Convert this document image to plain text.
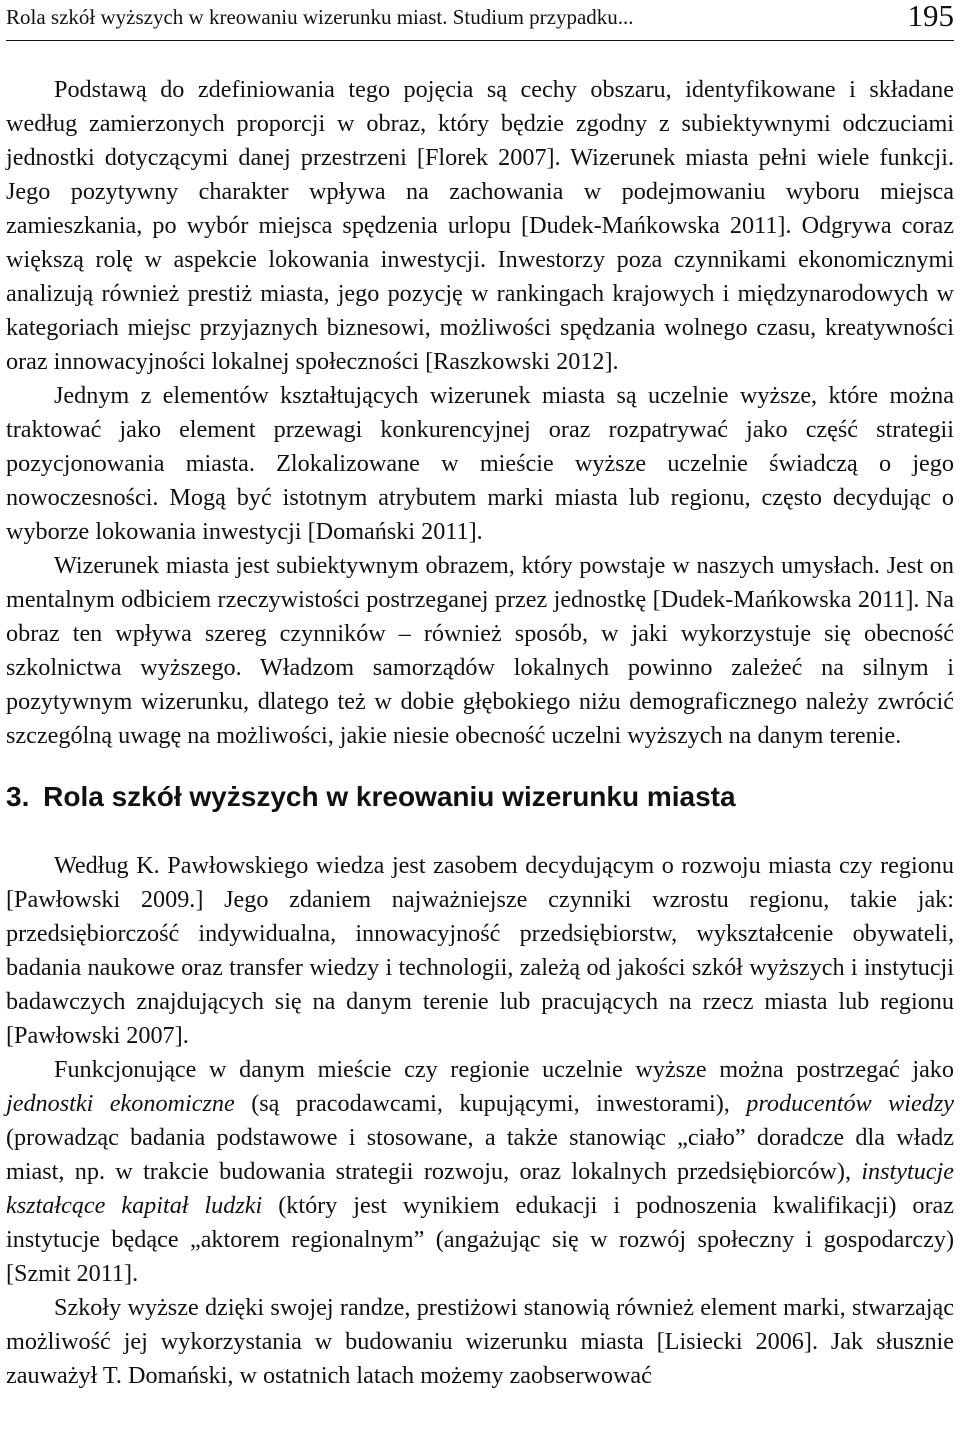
Rola szkół wyższych w kreowaniu wizerunku miast. Studium przypadku...	195

Podstawą do zdefiniowania tego pojęcia są cechy obszaru, identyfikowane i składane według zamierzonych proporcji w obraz, który będzie zgodny z subiektywnymi odczuciami jednostki dotyczącymi danej przestrzeni [Florek 2007]. Wizerunek miasta pełni wiele funkcji. Jego pozytywny charakter wpływa na zachowania w podejmowaniu wyboru miejsca zamieszkania, po wybór miejsca spędzenia urlopu [Dudek-Mańkowska 2011]. Odgrywa coraz większą rolę w aspekcie lokowania inwestycji. Inwestorzy poza czynnikami ekonomicznymi analizują również prestiż miasta, jego pozycję w rankingach krajowych i międzynarodowych w kategoriach miejsc przyjaznych biznesowi, możliwości spędzania wolnego czasu, kreatywności oraz innowacyjności lokalnej społeczności [Raszkowski 2012].

Jednym z elementów kształtujących wizerunek miasta są uczelnie wyższe, które można traktować jako element przewagi konkurencyjnej oraz rozpatrywać jako część strategii pozycjonowania miasta. Zlokalizowane w mieście wyższe uczelnie świadczą o jego nowoczesności. Mogą być istotnym atrybutem marki miasta lub regionu, często decydując o wyborze lokowania inwestycji [Domański 2011].

Wizerunek miasta jest subiektywnym obrazem, który powstaje w naszych umysłach. Jest on mentalnym odbiciem rzeczywistości postrzeganej przez jednostkę [Dudek-Mańkowska 2011]. Na obraz ten wpływa szereg czynników – również sposób, w jaki wykorzystuje się obecność szkolnictwa wyższego. Władzom samorządów lokalnych powinno zależeć na silnym i pozytywnym wizerunku, dlatego też w dobie głębokiego niżu demograficznego należy zwrócić szczególną uwagę na możliwości, jakie niesie obecność uczelni wyższych na danym terenie.

3. Rola szkół wyższych w kreowaniu wizerunku miasta

Według K. Pawłowskiego wiedza jest zasobem decydującym o rozwoju miasta czy regionu [Pawłowski 2009.] Jego zdaniem najważniejsze czynniki wzrostu regionu, takie jak: przedsiębiorczość indywidualna, innowacyjność przedsiębiorstw, wykształcenie obywateli, badania naukowe oraz transfer wiedzy i technologii, zależą od jakości szkół wyższych i instytucji badawczych znajdujących się na danym terenie lub pracujących na rzecz miasta lub regionu [Pawłowski 2007].

Funkcjonujące w danym mieście czy regionie uczelnie wyższe można postrzegać jako jednostki ekonomiczne (są pracodawcami, kupującymi, inwestorami), producentów wiedzy (prowadząc badania podstawowe i stosowane, a także stanowiąc „ciało” doradcze dla władz miast, np. w trakcie budowania strategii rozwoju, oraz lokalnych przedsiębiorców), instytucje kształcące kapitał ludzki (który jest wynikiem edukacji i podnoszenia kwalifikacji) oraz instytucje będące „aktorem regionalnym” (angażując się w rozwój społeczny i gospodarczy) [Szmit 2011].

Szkoły wyższe dzięki swojej randze, prestiżowi stanowią również element marki, stwarzając możliwość jej wykorzystania w budowaniu wizerunku miasta [Lisiecki 2006]. Jak słusznie zauważył T. Domański, w ostatnich latach możemy zaobserwować
